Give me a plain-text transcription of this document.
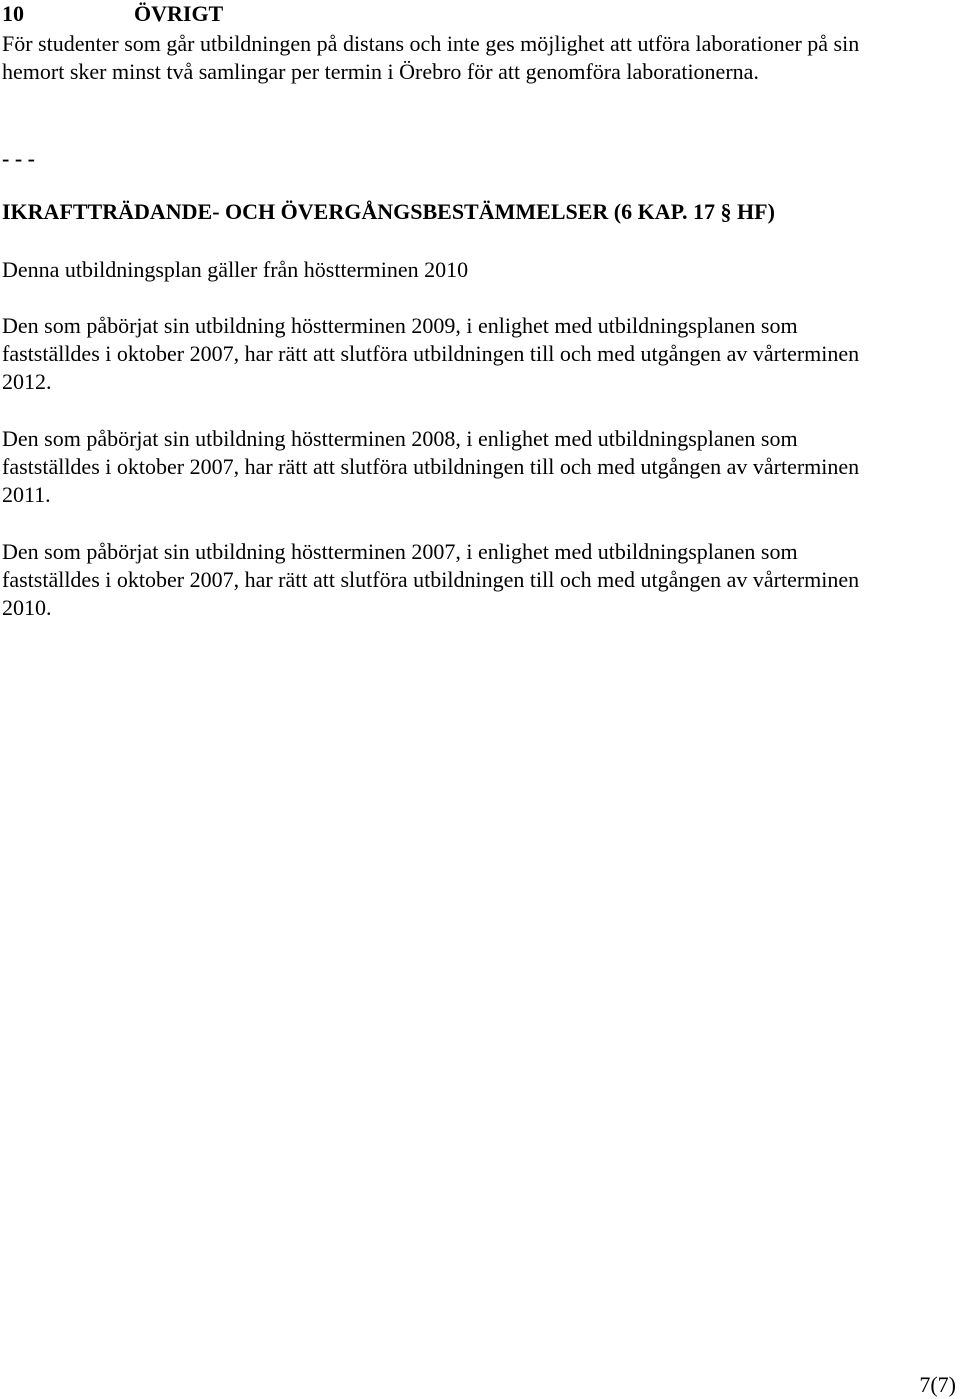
10	ÖVRIGT
För studenter som går utbildningen på distans och inte ges möjlighet att utföra laborationer på sin
hemort sker minst två samlingar per termin i Örebro för att genomföra laborationerna.
- - -
IKRAFTTRÄDANDE- OCH ÖVERGÅNGSBESTÄMMELSER (6 KAP. 17 § HF)
Denna utbildningsplan gäller från höstterminen 2010
Den som påbörjat sin utbildning höstterminen 2009, i enlighet med utbildningsplanen som
fastställdes i oktober 2007, har rätt att slutföra utbildningen till och med utgången av vårterminen
2012.
Den som påbörjat sin utbildning höstterminen 2008, i enlighet med utbildningsplanen som
fastställdes i oktober 2007, har rätt att slutföra utbildningen till och med utgången av vårterminen
2011.
Den som påbörjat sin utbildning höstterminen 2007, i enlighet med utbildningsplanen som
fastställdes i oktober 2007, har rätt att slutföra utbildningen till och med utgången av vårterminen
2010.
7(7)
